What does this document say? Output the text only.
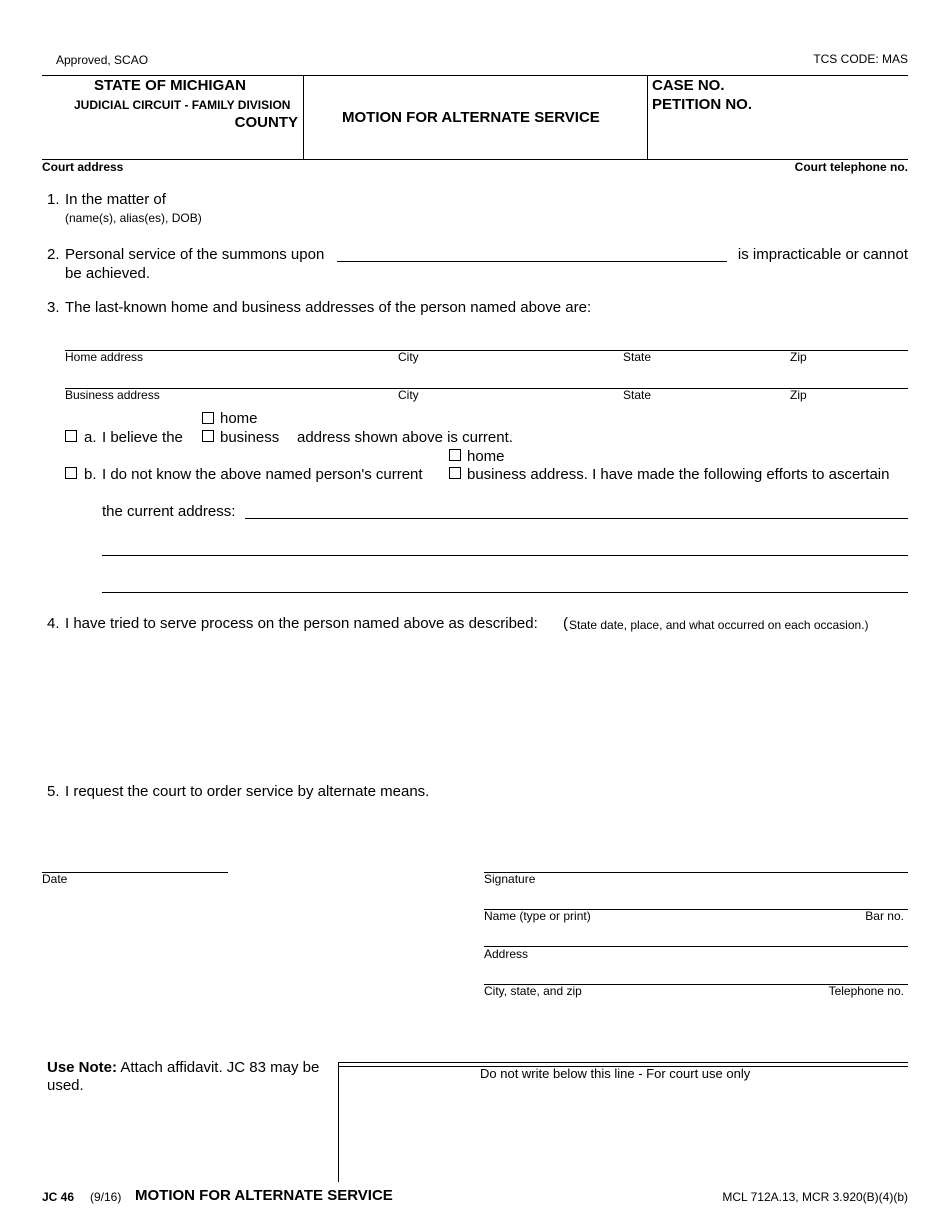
Approved, SCAO	TCS CODE: MAS
STATE OF MICHIGAN
JUDICIAL CIRCUIT - FAMILY DIVISION
COUNTY	MOTION FOR ALTERNATE SERVICE
CASE NO.
PETITION NO.
Court address	Court telephone no.
1. In the matter of
(name(s), alias(es), DOB)
2. Personal service of the summons upon	is impracticable or cannot
be achieved.
3. The last-known home and business addresses of the person named above are:
Home address	City	State	Zip
Business address	City	State	Zip
home
a. I believe the business address shown above is current.
home
b. I do not know the above named person's current	business address. I have made the following efforts to ascertain
the current address:
4. I have tried to serve process on the person named above as described: ( State date, place, and what occurred on each occasion.)
5. I request the court to order service by alternate means.
Date	Signature
Name (type or print)	Bar no.
Address
City, state, and zip	Telephone no.
Use Note: Attach affidavit. JC 83 may be
used.
Do not write below this line - For court use only
JC 46 (9/16) MOTION FOR ALTERNATE SERVICE	MCL 712A.13, MCR 3.920(B)(4)(b)
